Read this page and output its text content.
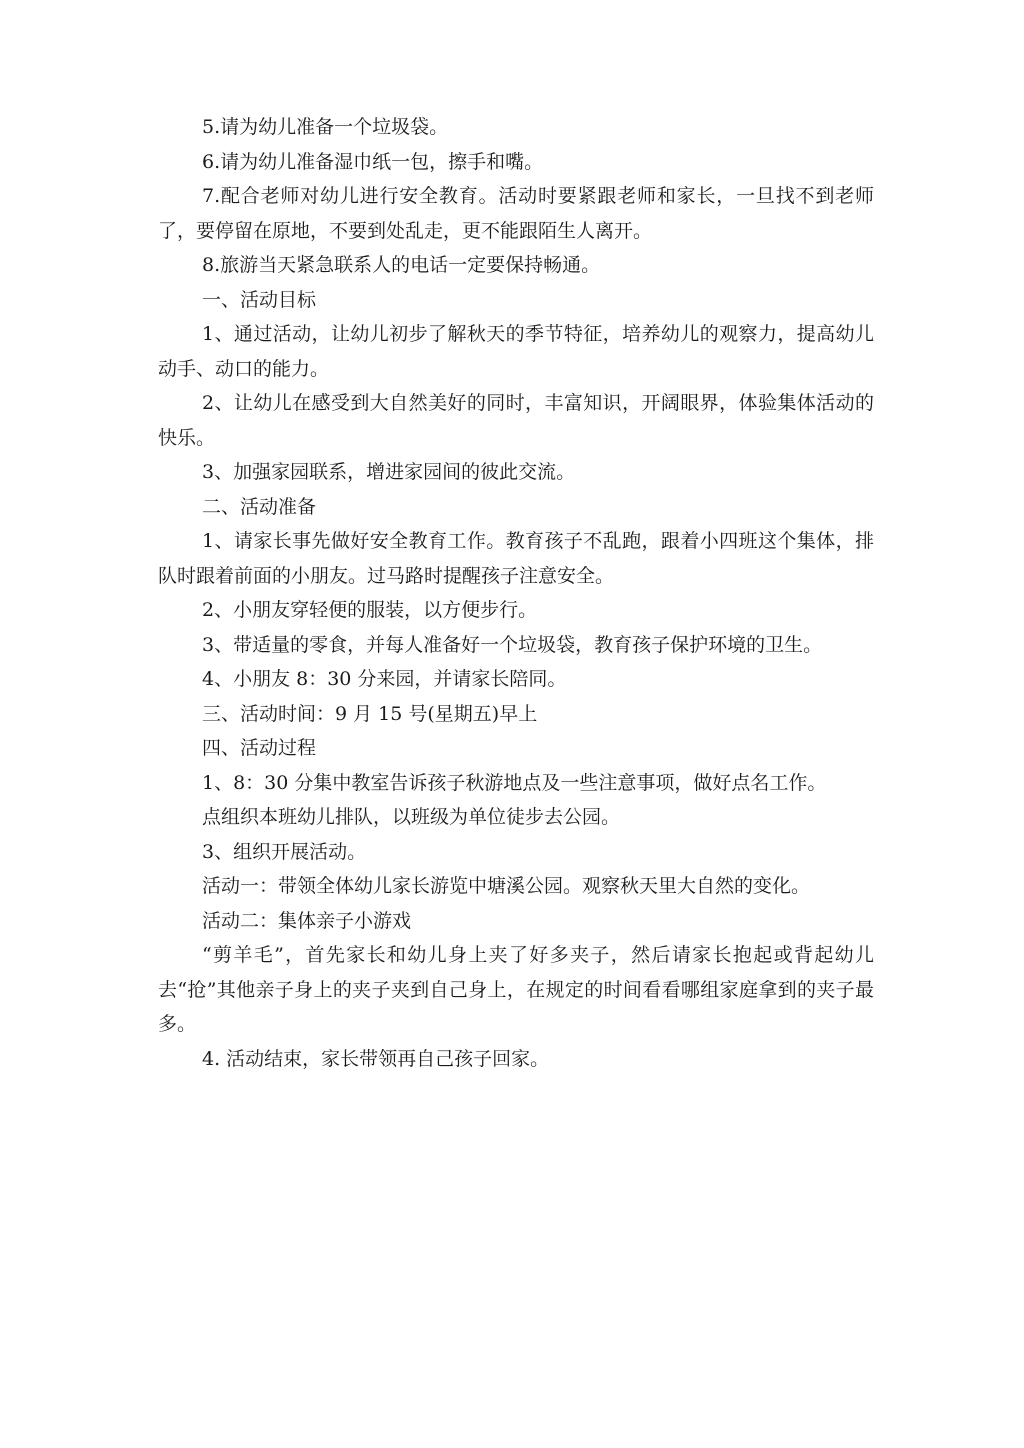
5.请为幼儿准备一个垃圾袋。

6.请为幼儿准备湿巾纸一包，擦手和嘴。

7.配合老师对幼儿进行安全教育。活动时要紧跟老师和家长，一旦找不到老师了，要停留在原地，不要到处乱走，更不能跟陌生人离开。

8.旅游当天紧急联系人的电话一定要保持畅通。

一、活动目标

1、通过活动，让幼儿初步了解秋天的季节特征，培养幼儿的观察力，提高幼儿动手、动口的能力。

2、让幼儿在感受到大自然美好的同时，丰富知识，开阔眼界，体验集体活动的快乐。

3、加强家园联系，增进家园间的彼此交流。

二、活动准备

1、请家长事先做好安全教育工作。教育孩子不乱跑，跟着小四班这个集体，排队时跟着前面的小朋友。过马路时提醒孩子注意安全。

2、小朋友穿轻便的服装，以方便步行。

3、带适量的零食，并每人准备好一个垃圾袋，教育孩子保护环境的卫生。

4、小朋友 8：30 分来园，并请家长陪同。

三、活动时间：9 月 15 号(星期五)早上

四、活动过程

1、8：30 分集中教室告诉孩子秋游地点及一些注意事项，做好点名工作。

点组织本班幼儿排队，以班级为单位徒步去公园。

3、组织开展活动。

活动一：带领全体幼儿家长游览中塘溪公园。观察秋天里大自然的变化。

活动二：集体亲子小游戏

“剪羊毛”，首先家长和幼儿身上夹了好多夹子，然后请家长抱起或背起幼儿去“抢”其他亲子身上的夹子夹到自己身上，在规定的时间看看哪组家庭拿到的夹子最多。

4. 活动结束，家长带领再自己孩子回家。
